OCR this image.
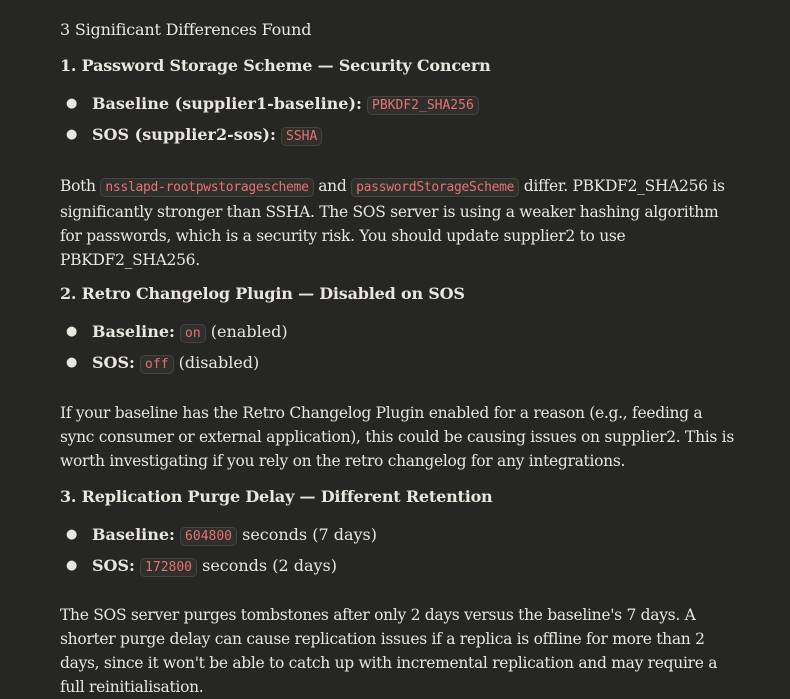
3 Significant Differences Found
1. Password Storage Scheme — Security Concern
● Baseline (supplier1-baseline): PBKDF2_SHA256
● SOS (supplier2-sos): SSHA

Both nsslapd-rootpwstoragescheme and passwordStorageScheme differ. PBKDF2_SHA256 is significantly stronger than SSHA. The SOS server is using a weaker hashing algorithm for passwords, which is a security risk. You should update supplier2 to use PBKDF2_SHA256.

2. Retro Changelog Plugin — Disabled on SOS
● Baseline: on (enabled)
● SOS: off (disabled)

If your baseline has the Retro Changelog Plugin enabled for a reason (e.g., feeding a sync consumer or external application), this could be causing issues on supplier2. This is worth investigating if you rely on the retro changelog for any integrations.

3. Replication Purge Delay — Different Retention
● Baseline: 604800 seconds (7 days)
● SOS: 172800 seconds (2 days)

The SOS server purges tombstones after only 2 days versus the baseline's 7 days. A shorter purge delay can cause replication issues if a replica is offline for more than 2 days, since it won't be able to catch up with incremental replication and may require a full reinitialisation.
